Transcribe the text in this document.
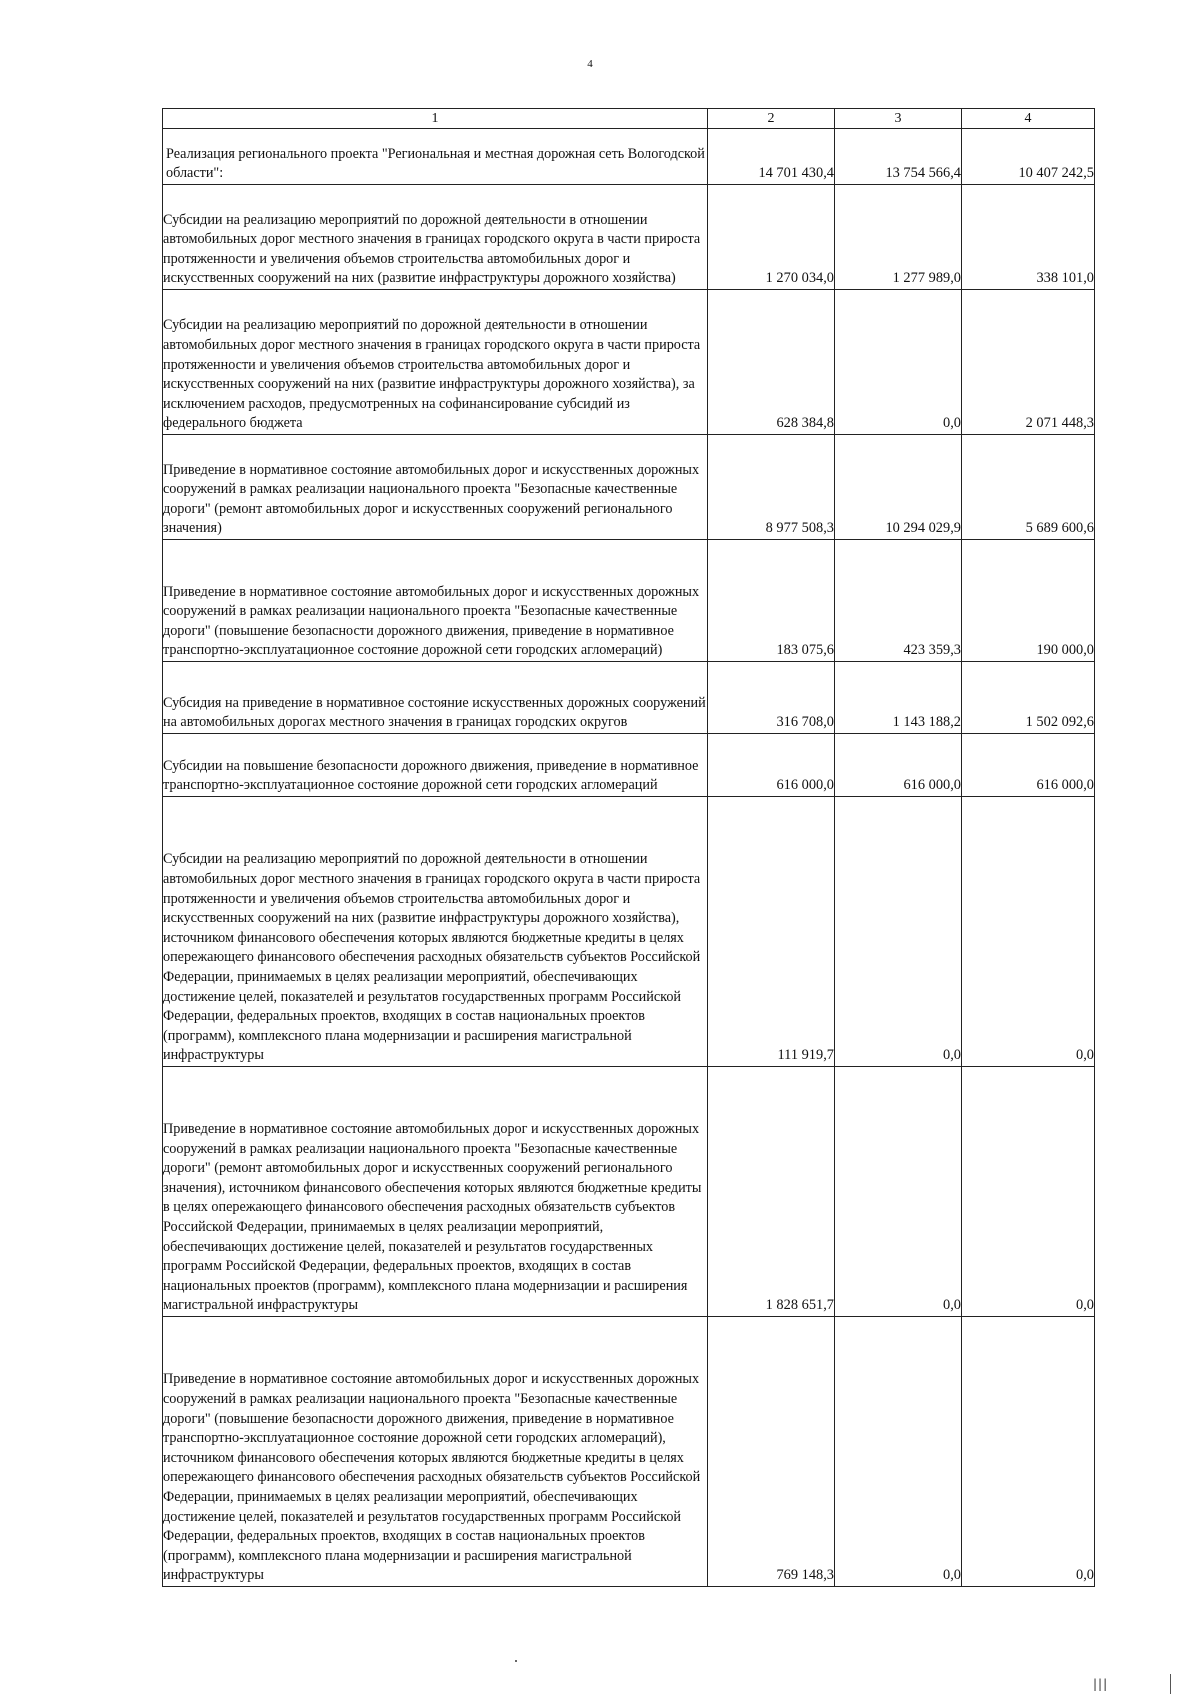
4
1	2	3	4
Реализация регионального проекта "Региональная и местная дорожная сеть Вологодской области":	14 701 430,4	13 754 566,4	10 407 242,5
Субсидии на реализацию мероприятий по дорожной деятельности в отношении автомобильных дорог местного значения в границах городского округа в части прироста протяженности и увеличения объемов строительства автомобильных дорог и искусственных сооружений на них (развитие инфраструктуры дорожного хозяйства)	1 270 034,0	1 277 989,0	338 101,0
Субсидии на реализацию мероприятий по дорожной деятельности в отношении автомобильных дорог местного значения в границах городского округа в части прироста протяженности и увеличения объемов строительства автомобильных дорог и искусственных сооружений на них (развитие инфраструктуры дорожного хозяйства), за исключением расходов, предусмотренных на софинансирование субсидий из федерального бюджета	628 384,8	0,0	2 071 448,3
Приведение в нормативное состояние автомобильных дорог и искусственных дорожных сооружений в рамках реализации национального проекта "Безопасные качественные дороги" (ремонт автомобильных дорог и искусственных сооружений регионального значения)	8 977 508,3	10 294 029,9	5 689 600,6
Приведение в нормативное состояние автомобильных дорог и искусственных дорожных сооружений в рамках реализации национального проекта "Безопасные качественные дороги" (повышение безопасности дорожного движения, приведение в нормативное транспортно-эксплуатационное состояние дорожной сети городских агломераций)	183 075,6	423 359,3	190 000,0
Субсидия на приведение в нормативное состояние искусственных дорожных сооружений на автомобильных дорогах местного значения в границах городских округов	316 708,0	1 143 188,2	1 502 092,6
Субсидии на повышение безопасности дорожного движения, приведение в нормативное транспортно-эксплуатационное состояние дорожной сети городских агломераций	616 000,0	616 000,0	616 000,0
Субсидии на реализацию мероприятий по дорожной деятельности в отношении автомобильных дорог местного значения в границах городского округа в части прироста протяженности и увеличения объемов строительства автомобильных дорог и искусственных сооружений на них (развитие инфраструктуры дорожного хозяйства), источником финансового обеспечения которых являются бюджетные кредиты в целях опережающего финансового обеспечения расходных обязательств субъектов Российской Федерации, принимаемых в целях реализации мероприятий, обеспечивающих достижение целей, показателей и результатов государственных программ Российской Федерации, федеральных проектов, входящих в состав национальных проектов (программ), комплексного плана модернизации и расширения магистральной инфраструктуры	111 919,7	0,0	0,0
Приведение в нормативное состояние автомобильных дорог и искусственных дорожных сооружений в рамках реализации национального проекта "Безопасные качественные дороги" (ремонт автомобильных дорог и искусственных сооружений регионального значения), источником финансового обеспечения которых являются бюджетные кредиты в целях опережающего финансового обеспечения расходных обязательств субъектов Российской Федерации, принимаемых в целях реализации мероприятий, обеспечивающих достижение целей, показателей и результатов государственных программ Российской Федерации, федеральных проектов, входящих в состав национальных проектов (программ), комплексного плана модернизации и расширения магистральной инфраструктуры	1 828 651,7	0,0	0,0
Приведение в нормативное состояние автомобильных дорог и искусственных дорожных сооружений в рамках реализации национального проекта "Безопасные качественные дороги" (повышение безопасности дорожного движения, приведение в нормативное транспортно-эксплуатационное состояние дорожной сети городских агломераций), источником финансового обеспечения которых являются бюджетные кредиты в целях опережающего финансового обеспечения расходных обязательств субъектов Российской Федерации, принимаемых в целях реализации мероприятий, обеспечивающих достижение целей, показателей и результатов государственных программ Российской Федерации, федеральных проектов, входящих в состав национальных проектов (программ), комплексного плана модернизации и расширения магистральной инфраструктуры	769 148,3	0,0	0,0
|||
